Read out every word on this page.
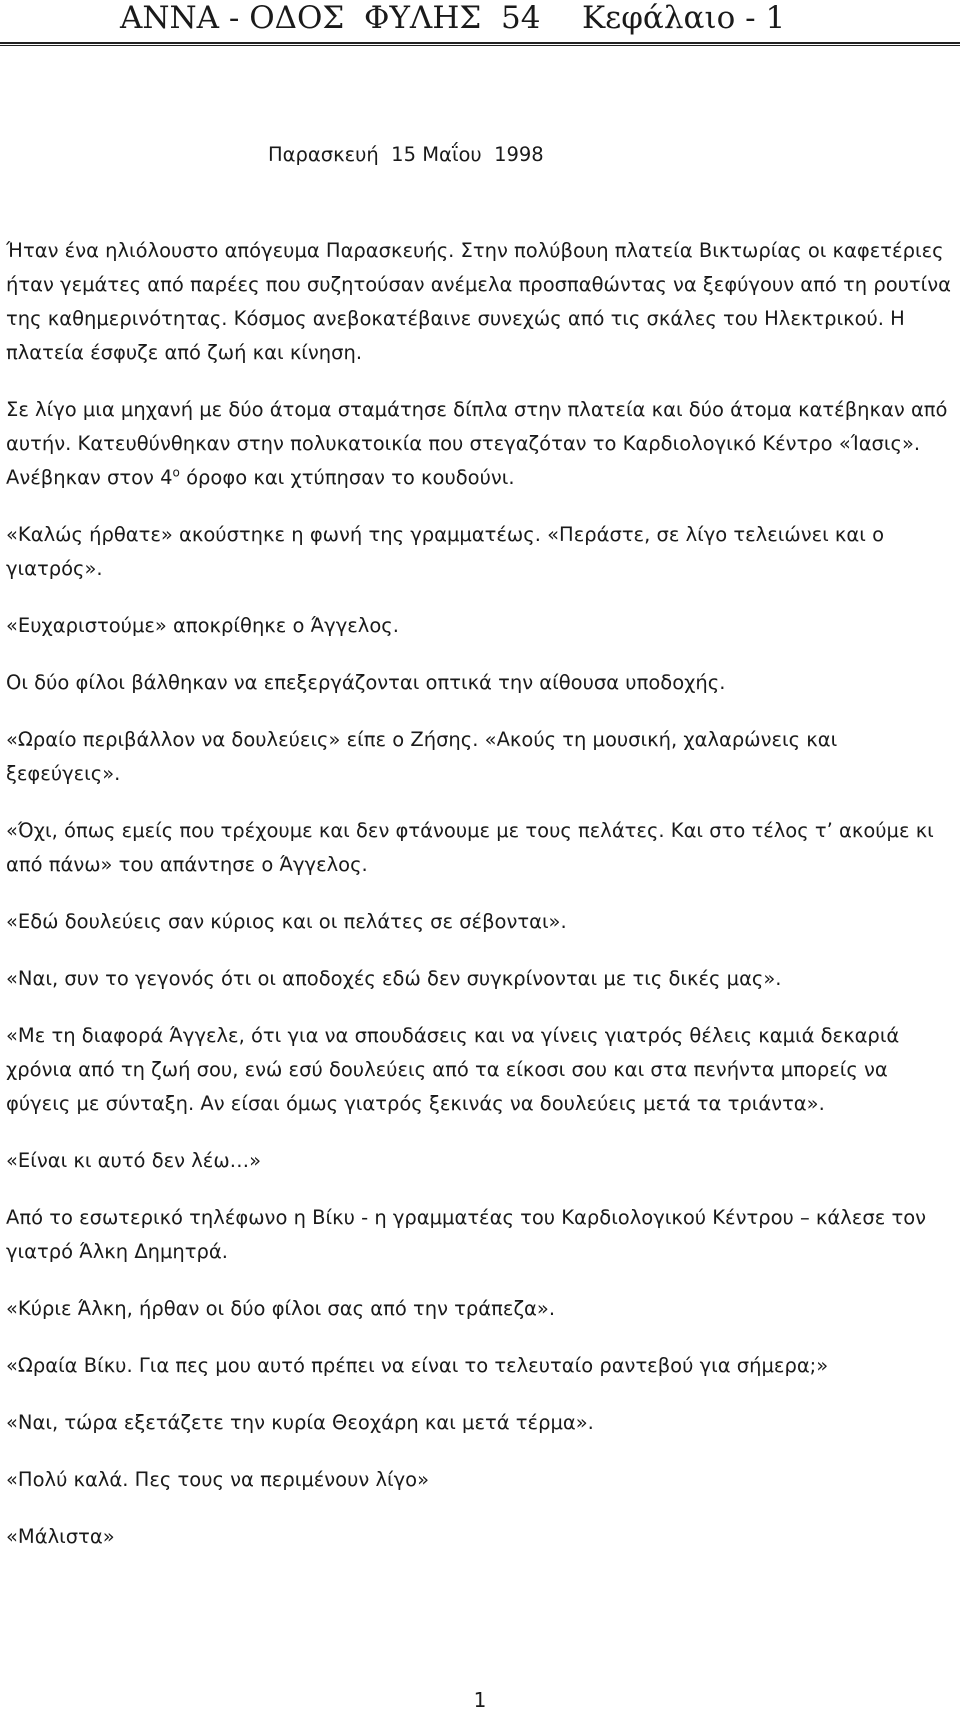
ΑΝΝΑ - ΟΔΟΣ  ΦΥΛΗΣ  54 Κεφάλαιο - 1

Παρασκευή  15 Μαΐου  1998

Ήταν ένα ηλιόλουστο απόγευμα Παρασκευής. Στην πολύβουη πλατεία Βικτωρίας οι καφετέριες ήταν γεμάτες από παρέες που συζητούσαν ανέμελα προσπαθώντας να ξεφύγουν από τη ρουτίνα της καθημερινότητας. Κόσμος ανεβοκατέβαινε συνεχώς από τις σκάλες του Ηλεκτρικού. Η πλατεία έσφυζε από ζωή και κίνηση.

Σε λίγο μια μηχανή με δύο άτομα σταμάτησε δίπλα στην πλατεία και δύο άτομα κατέβηκαν από αυτήν. Κατευθύνθηκαν στην πολυκατοικία που στεγαζόταν το Καρδιολογικό Κέντρο «Ίασις». Ανέβηκαν στον $4^o$ όροφο και χτύπησαν το κουδούνι.

«Καλώς ήρθατε» ακούστηκε η φωνή της γραμματέως. «Περάστε, σε λίγο τελειώνει και ο γιατρός».

«Ευχαριστούμε» αποκρίθηκε ο Άγγελος.

Οι δύο φίλοι βάλθηκαν να επεξεργάζονται οπτικά την αίθουσα υποδοχής.

«Ωραίο περιβάλλον να δουλεύεις» είπε ο Ζήσης. «Ακούς τη μουσική, χαλαρώνεις και ξεφεύγεις».

«Όχι, όπως εμείς που τρέχουμε και δεν φτάνουμε με τους πελάτες. Και στο τέλος τ’ ακούμε κι από πάνω» του απάντησε ο Άγγελος.

«Εδώ δουλεύεις σαν κύριος και οι πελάτες σε σέβονται».

«Ναι, συν το γεγονός ότι οι αποδοχές εδώ δεν συγκρίνονται με τις δικές μας».

«Με τη διαφορά Άγγελε, ότι για να σπουδάσεις και να γίνεις γιατρός θέλεις καμιά δεκαριά χρόνια από τη ζωή σου, ενώ εσύ δουλεύεις από τα είκοσι σου και στα πενήντα μπορείς να φύγεις με σύνταξη. Αν είσαι όμως γιατρός ξεκινάς να δουλεύεις μετά τα τριάντα».

«Είναι κι αυτό δεν λέω…»

Από το εσωτερικό τηλέφωνο η Βίκυ - η γραμματέας του Καρδιολογικού Κέντρου – κάλεσε τον γιατρό Άλκη Δημητρά.

«Κύριε Άλκη, ήρθαν οι δύο φίλοι σας από την τράπεζα».

«Ωραία Βίκυ. Για πες μου αυτό πρέπει να είναι το τελευταίο ραντεβού για σήμερα;»

«Ναι, τώρα εξετάζετε την κυρία Θεοχάρη και μετά τέρμα».

«Πολύ καλά. Πες τους να περιμένουν λίγο»

«Μάλιστα»

1
